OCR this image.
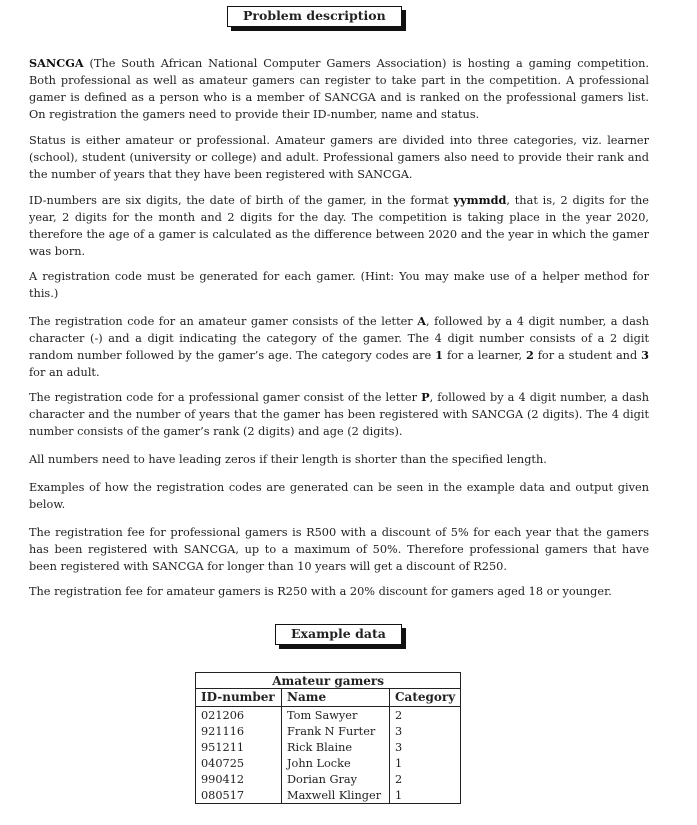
Problem description

SANCGA (The South African National Computer Gamers Association) is hosting a gaming competition. Both professional as well as amateur gamers can register to take part in the competition. A professional gamer is defined as a person who is a member of SANCGA and is ranked on the professional gamers list. On registration the gamers need to provide their ID-number, name and status.

Status is either amateur or professional. Amateur gamers are divided into three categories, viz. learner (school), student (university or college) and adult. Professional gamers also need to provide their rank and the number of years that they have been registered with SANCGA.

ID-numbers are six digits, the date of birth of the gamer, in the format yymmdd, that is, 2 digits for the year, 2 digits for the month and 2 digits for the day. The competition is taking place in the year 2020, therefore the age of a gamer is calculated as the difference between 2020 and the year in which the gamer was born.

A registration code must be generated for each gamer. (Hint: You may make use of a helper method for this.)

The registration code for an amateur gamer consists of the letter A, followed by a 4 digit number, a dash character (-) and a digit indicating the category of the gamer. The 4 digit number consists of a 2 digit random number followed by the gamer’s age. The category codes are 1 for a learner, 2 for a student and 3 for an adult.

The registration code for a professional gamer consist of the letter P, followed by a 4 digit number, a dash character and the number of years that the gamer has been registered with SANCGA (2 digits). The 4 digit number consists of the gamer’s rank (2 digits) and age (2 digits).

All numbers need to have leading zeros if their length is shorter than the specified length.

Examples of how the registration codes are generated can be seen in the example data and output given below.

The registration fee for professional gamers is R500 with a discount of 5% for each year that the gamers has been registered with SANCGA, up to a maximum of 50%. Therefore professional gamers that have been registered with SANCGA for longer than 10 years will get a discount of R250.

The registration fee for amateur gamers is R250 with a 20% discount for gamers aged 18 or younger.

Example data
Amateur gamers
ID-number	Name	Category
021206	Tom Sawyer	2
921116	Frank N Furter	3
951211	Rick Blaine	3
040725	John Locke	1
990412	Dorian Gray	2
080517	Maxwell Klinger	1
